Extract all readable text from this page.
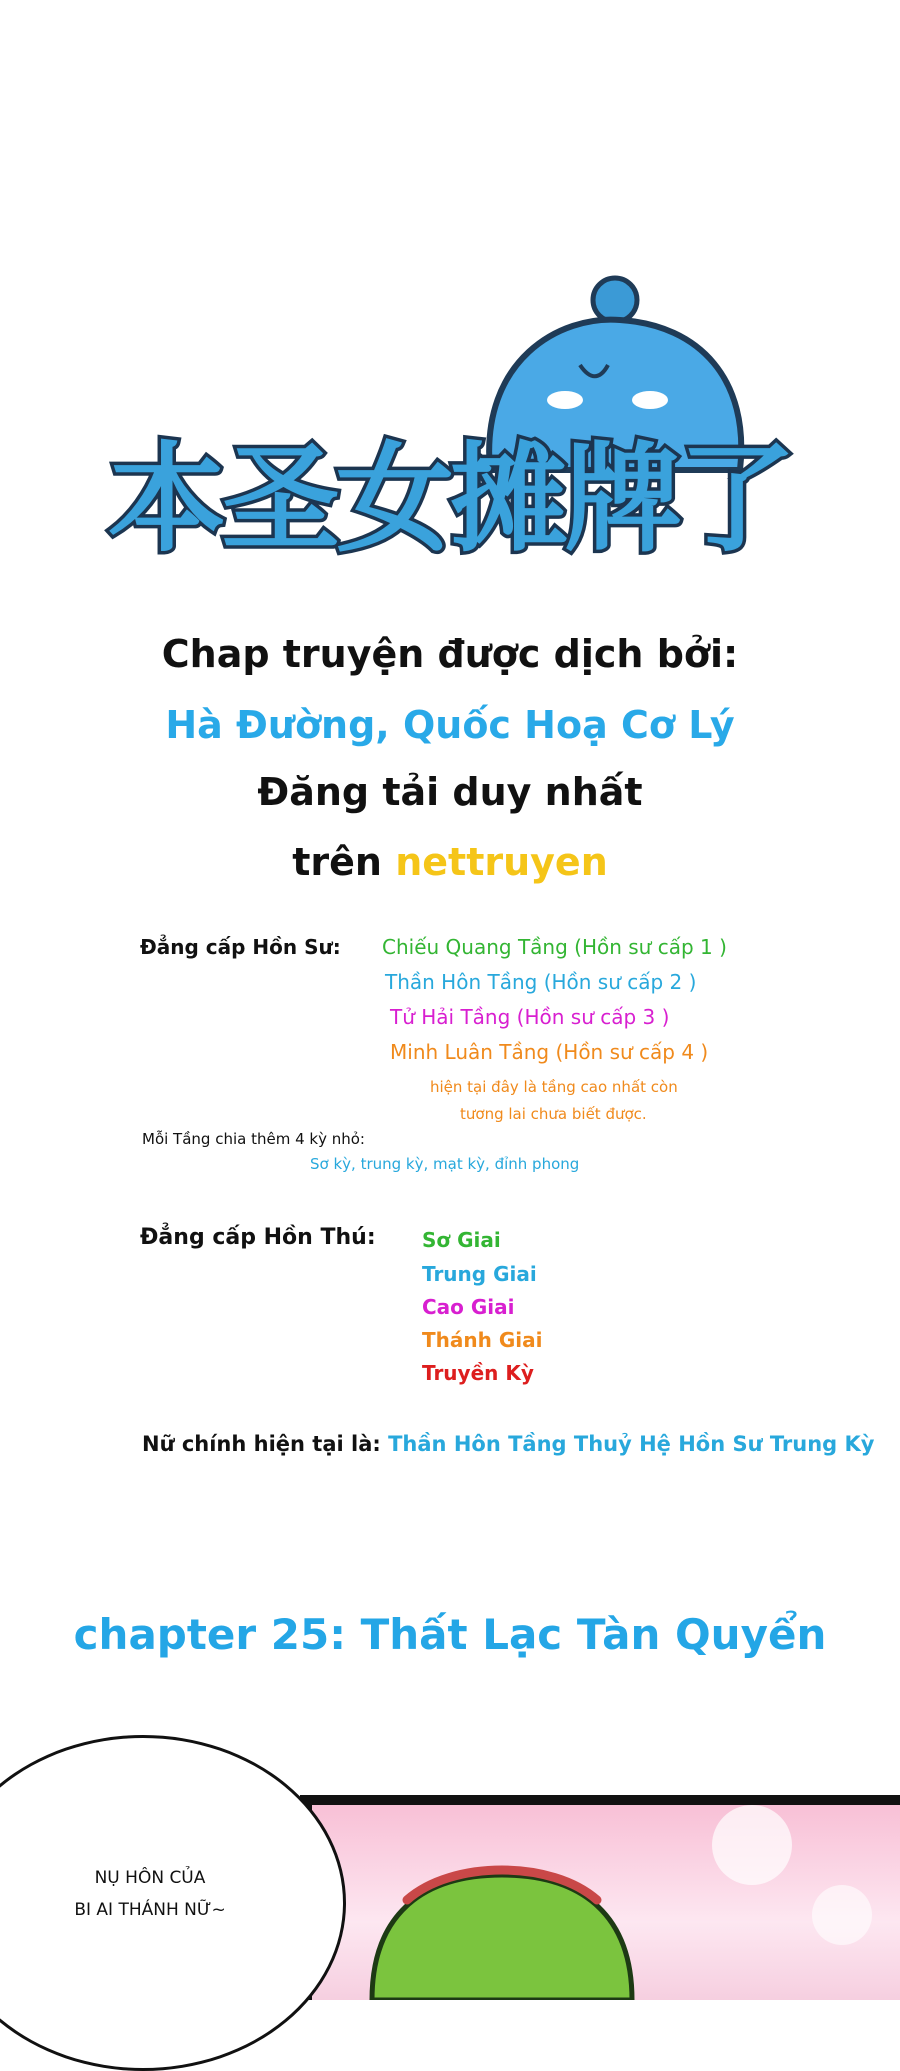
本圣女摊牌了
Chap truyện được dịch bởi:
Hà Đường, Quốc Hoạ Cơ Lý
Đăng tải duy nhất
trên nettruyen
Đẳng cấp Hồn Sư: Chiếu Quang Tầng (Hồn sư cấp 1 )
Thần Hôn Tầng (Hồn sư cấp 2 )
Tử Hải Tầng (Hồn sư cấp 3 )
Minh Luân Tầng (Hồn sư cấp 4 )
hiện tại đây là tầng cao nhất còn
tương lai chưa biết được.
Mỗi Tầng chia thêm 4 kỳ nhỏ:
Sơ kỳ, trung kỳ, mạt kỳ, đỉnh phong
Đẳng cấp Hồn Thú: Sơ Giai
Trung Giai
Cao Giai
Thánh Giai
Truyền Kỳ
Nữ chính hiện tại là: Thần Hôn Tầng Thuỷ Hệ Hồn Sư Trung Kỳ
chapter 25: Thất Lạc Tàn Quyển
NỤ HÔN CỦA
BI AI THÁNH NỮ~
